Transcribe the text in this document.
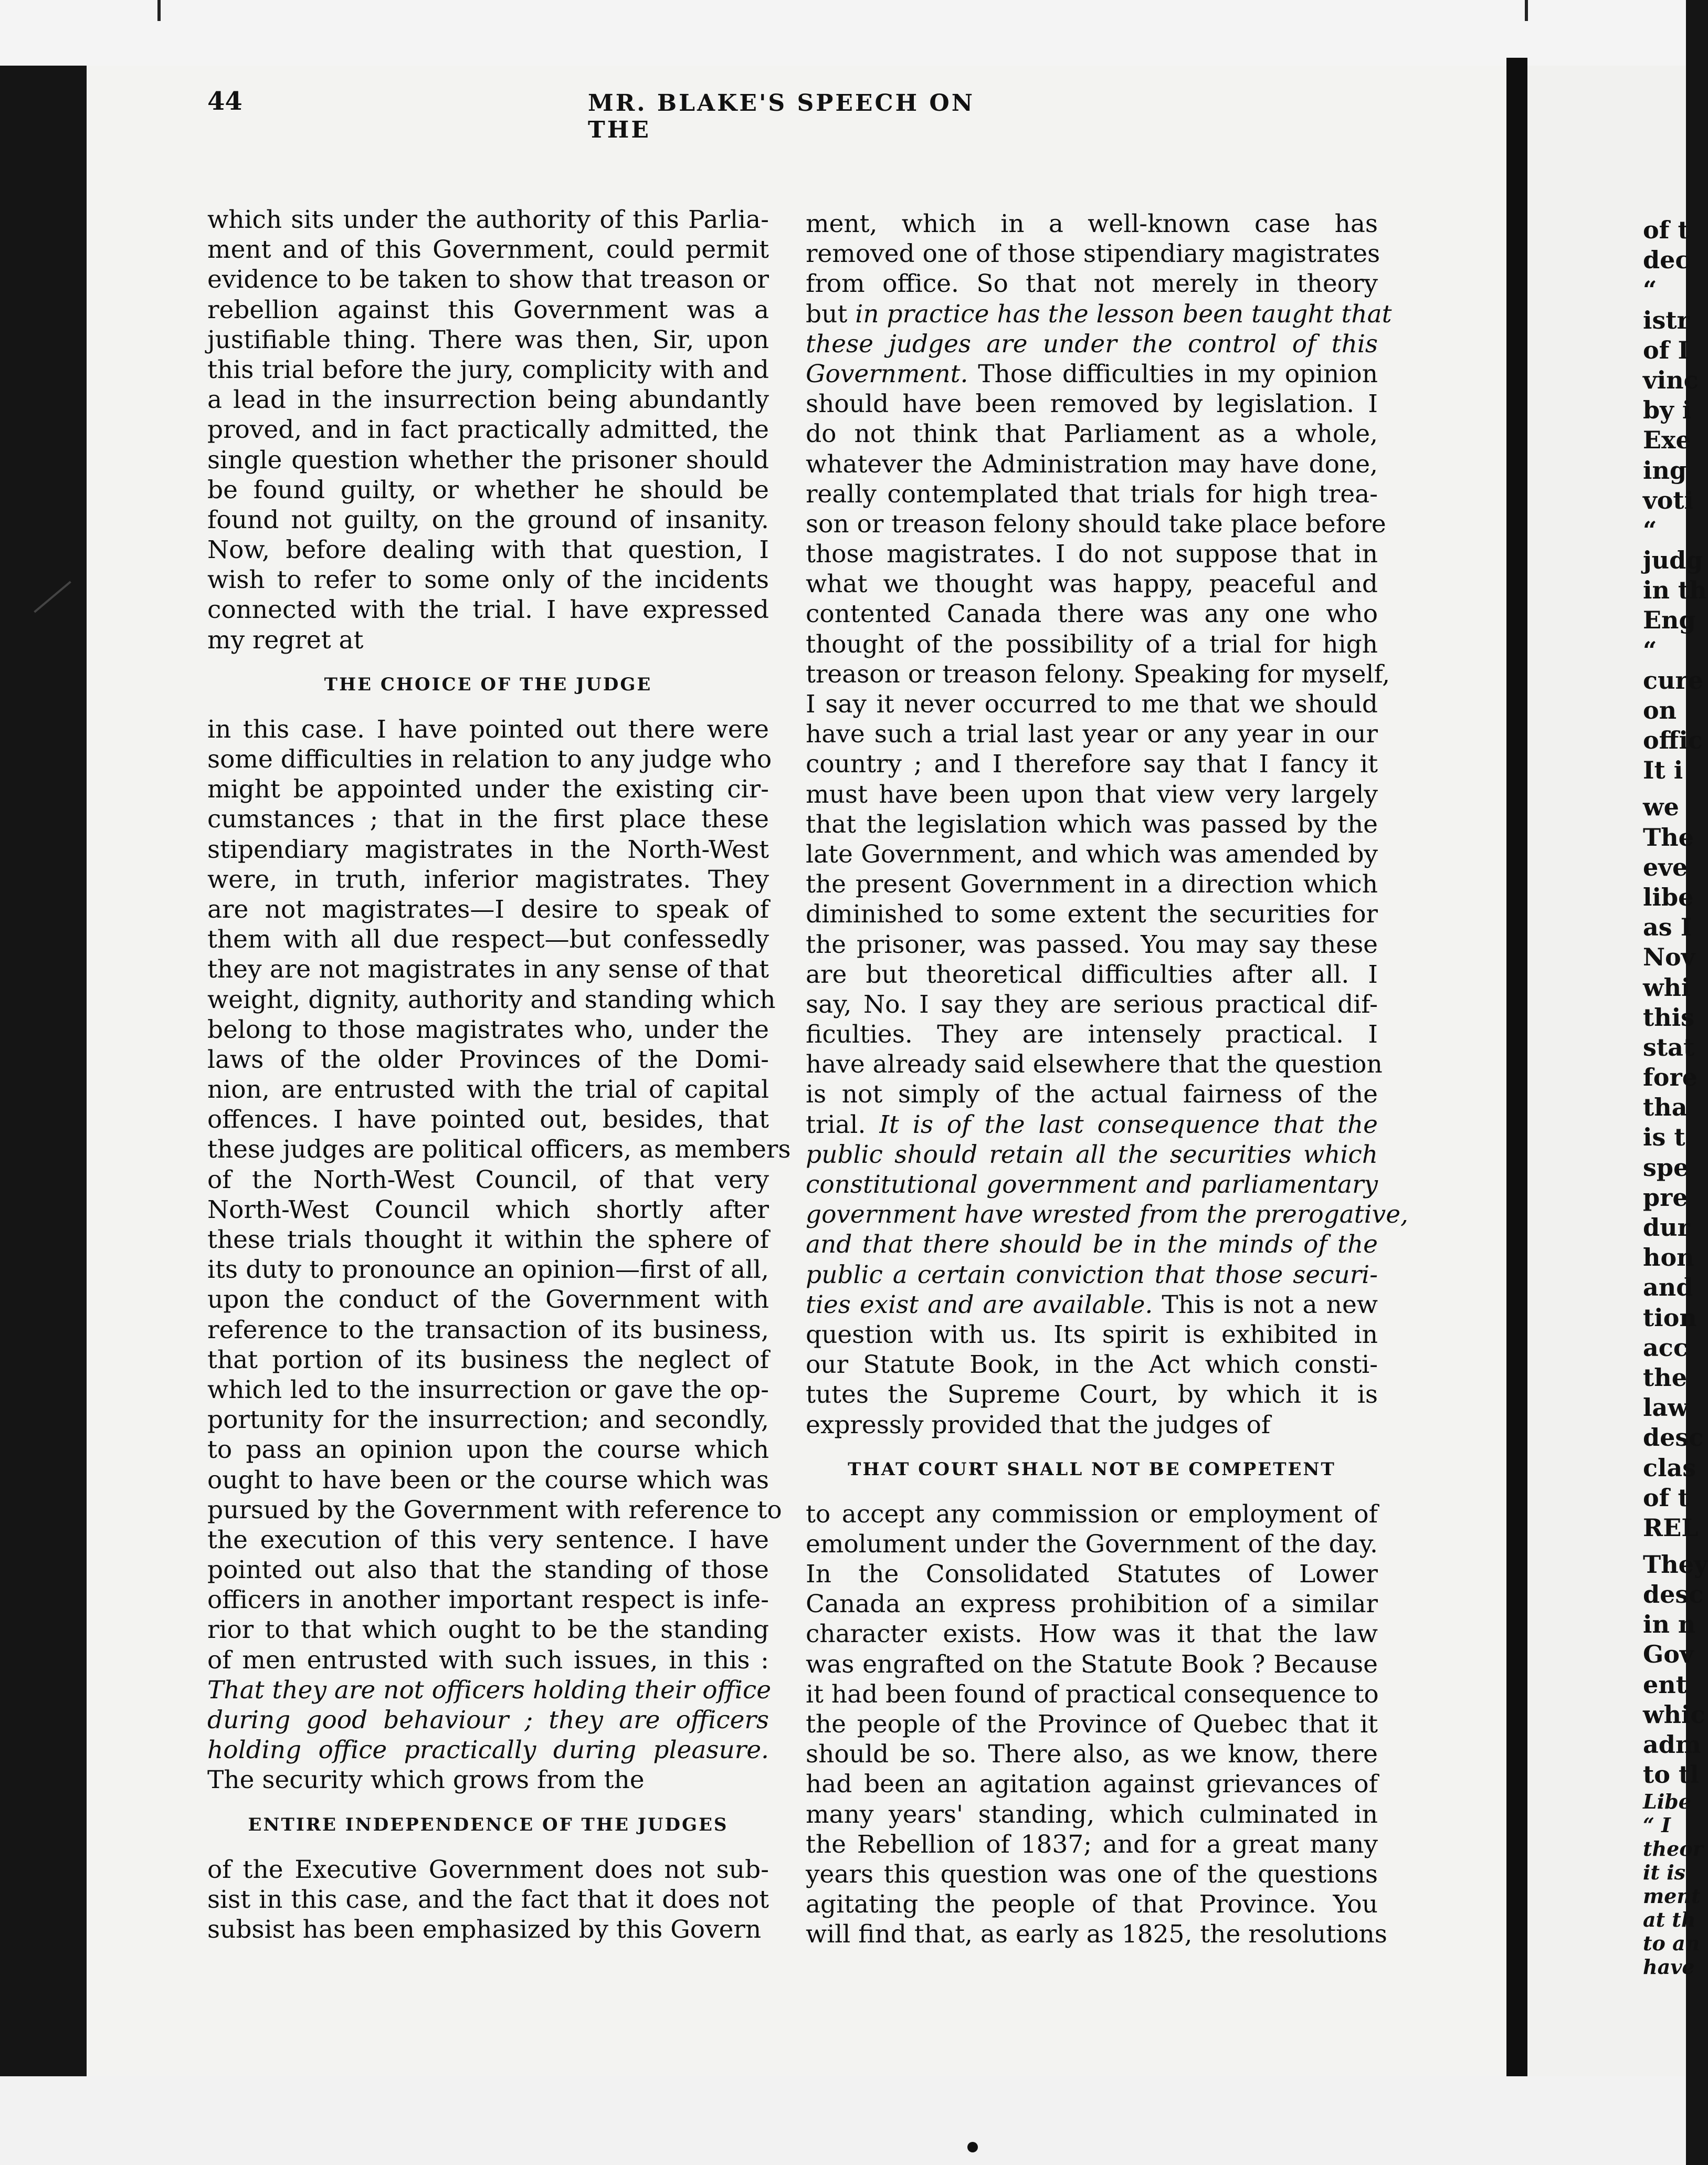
44	MR. BLAKE'S SPEECH ON THE
which sits under the authority of this Parlia-
ment and of this Government, could permit
evidence to be taken to show that treason or
rebellion against this Government was a
justifiable thing. There was then, Sir, upon
this trial before the jury, complicity with and
a lead in the insurrection being abundantly
proved, and in fact practically admitted, the
single question whether the prisoner should
be found guilty, or whether he should be
found not guilty, on the ground of insanity.
Now, before dealing with that question, I
wish to refer to some only of the incidents
connected with the trial. I have expressed
my regret at
THE CHOICE OF THE JUDGE
in this case. I have pointed out there were
some difficulties in relation to any judge who
might be appointed under the existing cir-
cumstances ; that in the first place these
stipendiary magistrates in the North-West
were, in truth, inferior magistrates. They
are not magistrates—I desire to speak of
them with all due respect—but confessedly
they are not magistrates in any sense of that
weight, dignity, authority and standing which
belong to those magistrates who, under the
laws of the older Provinces of the Domi-
nion, are entrusted with the trial of capital
offences. I have pointed out, besides, that
these judges are political officers, as members
of the North-West Council, of that very
North-West Council which shortly after
these trials thought it within the sphere of
its duty to pronounce an opinion—first of all,
upon the conduct of the Government with
reference to the transaction of its business,
that portion of its business the neglect of
which led to the insurrection or gave the op-
portunity for the insurrection; and secondly,
to pass an opinion upon the course which
ought to have been or the course which was
pursued by the Government with reference to
the execution of this very sentence. I have
pointed out also that the standing of those
officers in another important respect is infe-
rior to that which ought to be the standing
of men entrusted with such issues, in this :
That they are not officers holding their office
during good behaviour ; they are officers
holding office practically during pleasure.
The security which grows from the
ENTIRE INDEPENDENCE OF THE JUDGES
of the Executive Government does not sub-
sist in this case, and the fact that it does not
subsist has been emphasized by this Govern
ment, which in a well-known case has
removed one of those stipendiary magistrates
from office. So that not merely in theory
but in practice has the lesson been taught that
these judges are under the control of this
Government. Those difficulties in my opinion
should have been removed by legislation. I
do not think that Parliament as a whole,
whatever the Administration may have done,
really contemplated that trials for high trea-
son or treason felony should take place before
those magistrates. I do not suppose that in
what we thought was happy, peaceful and
contented Canada there was any one who
thought of the possibility of a trial for high
treason or treason felony. Speaking for myself,
I say it never occurred to me that we should
have such a trial last year or any year in our
country ; and I therefore say that I fancy it
must have been upon that view very largely
that the legislation which was passed by the
late Government, and which was amended by
the present Government in a direction which
diminished to some extent the securities for
the prisoner, was passed. You may say these
are but theoretical difficulties after all. I
say, No. I say they are serious practical dif-
ficulties. They are intensely practical. I
have already said elsewhere that the question
is not simply of the actual fairness of the
trial. It is of the last consequence that the
public should retain all the securities which
constitutional government and parliamentary
government have wrested from the prerogative,
and that there should be in the minds of the
public a certain conviction that those securi-
ties exist and are available. This is not a new
question with us. Its spirit is exhibited in
our Statute Book, in the Act which consti-
tutes the Supreme Court, by which it is
expressly provided that the judges of
THAT COURT SHALL NOT BE COMPETENT
to accept any commission or employment of
emolument under the Government of the day.
In the Consolidated Statutes of Lower
Canada an express prohibition of a similar
character exists. How was it that the law
was engrafted on the Statute Book ? Because
it had been found of practical consequence to
the people of the Province of Quebec that it
should be so. There also, as we know, there
had been an agitation against grievances of
many years' standing, which culminated in
the Rebellion of 1837; and for a great many
years this question was one of the questions
agitating the people of that Province. You
will find that, as early as 1825, the resolutions
of t
dec
“
istr
of I
vinc
by i
Exe
ing
voti
“
judg
in th
Eng
“
cure
on
offic
It i
we
The
eve
libe
as I
Nov
whi
this
stat
fore
tha
is t
spe
pre
dur
hon
and
tion
acc
the
law
desc
clas
of t
REL
They
desc
in n
Gov
ent
whic
adm
to tl
Libe
“ I
theor
it is
ment
at th
to an
have
